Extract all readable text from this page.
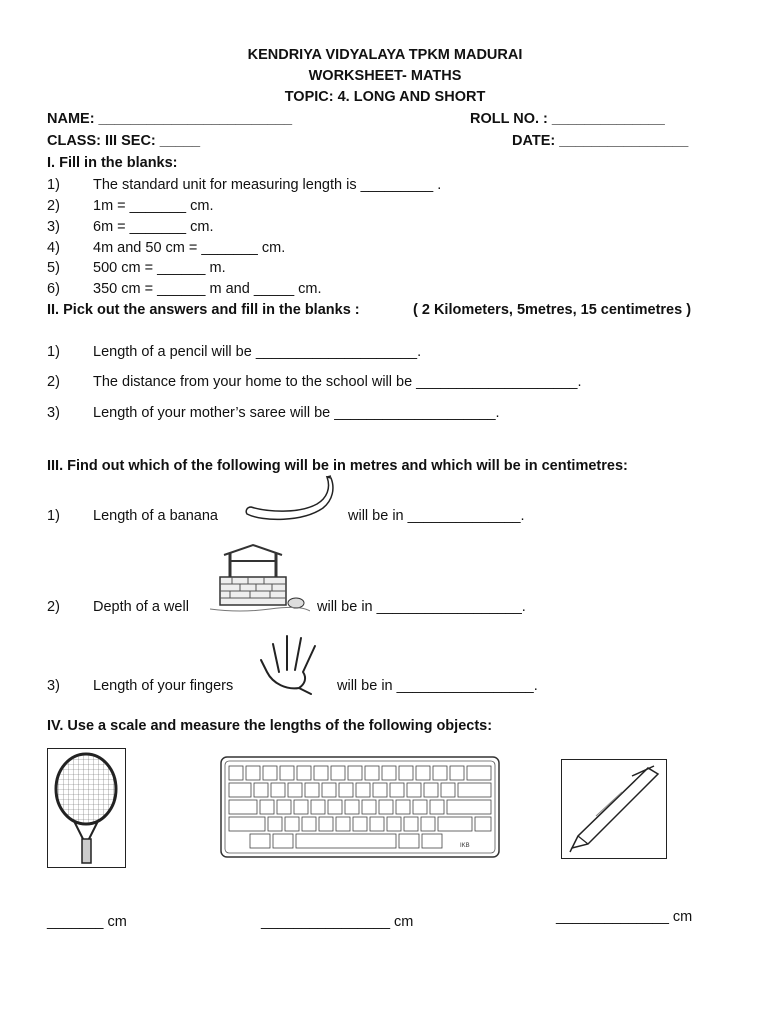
KENDRIYA VIDYALAYA TPKM MADURAI
WORKSHEET- MATHS
TOPIC: 4. LONG AND SHORT
NAME: ________________________	ROLL NO. : ______________
CLASS: III SEC: _____	DATE: ________________
I. Fill in the blanks:
1) The standard unit for measuring length is _________ .
2) 1m = _______ cm.
3) 6m = _______ cm.
4) 4m and 50 cm = _______ cm.
5) 500 cm = ______ m.
6) 350 cm = ______ m and _____ cm.
II. Pick out the answers and fill in the blanks :	( 2 Kilometers, 5metres, 15 centimetres )
1) Length of a pencil will be ____________________.
2) The distance from your home to the school will be ____________________.
3) Length of your mother’s saree will be ____________________.
III. Find out which of the following will be in metres and which will be in centimetres:
1) Length of a banana	will be in ______________.
2) Depth of a well	will be in __________________.
3) Length of your fingers	will be in _________________.
IV. Use a scale and measure the lengths of the following objects:
IKB
_______ cm	________________ cm	______________ cm
